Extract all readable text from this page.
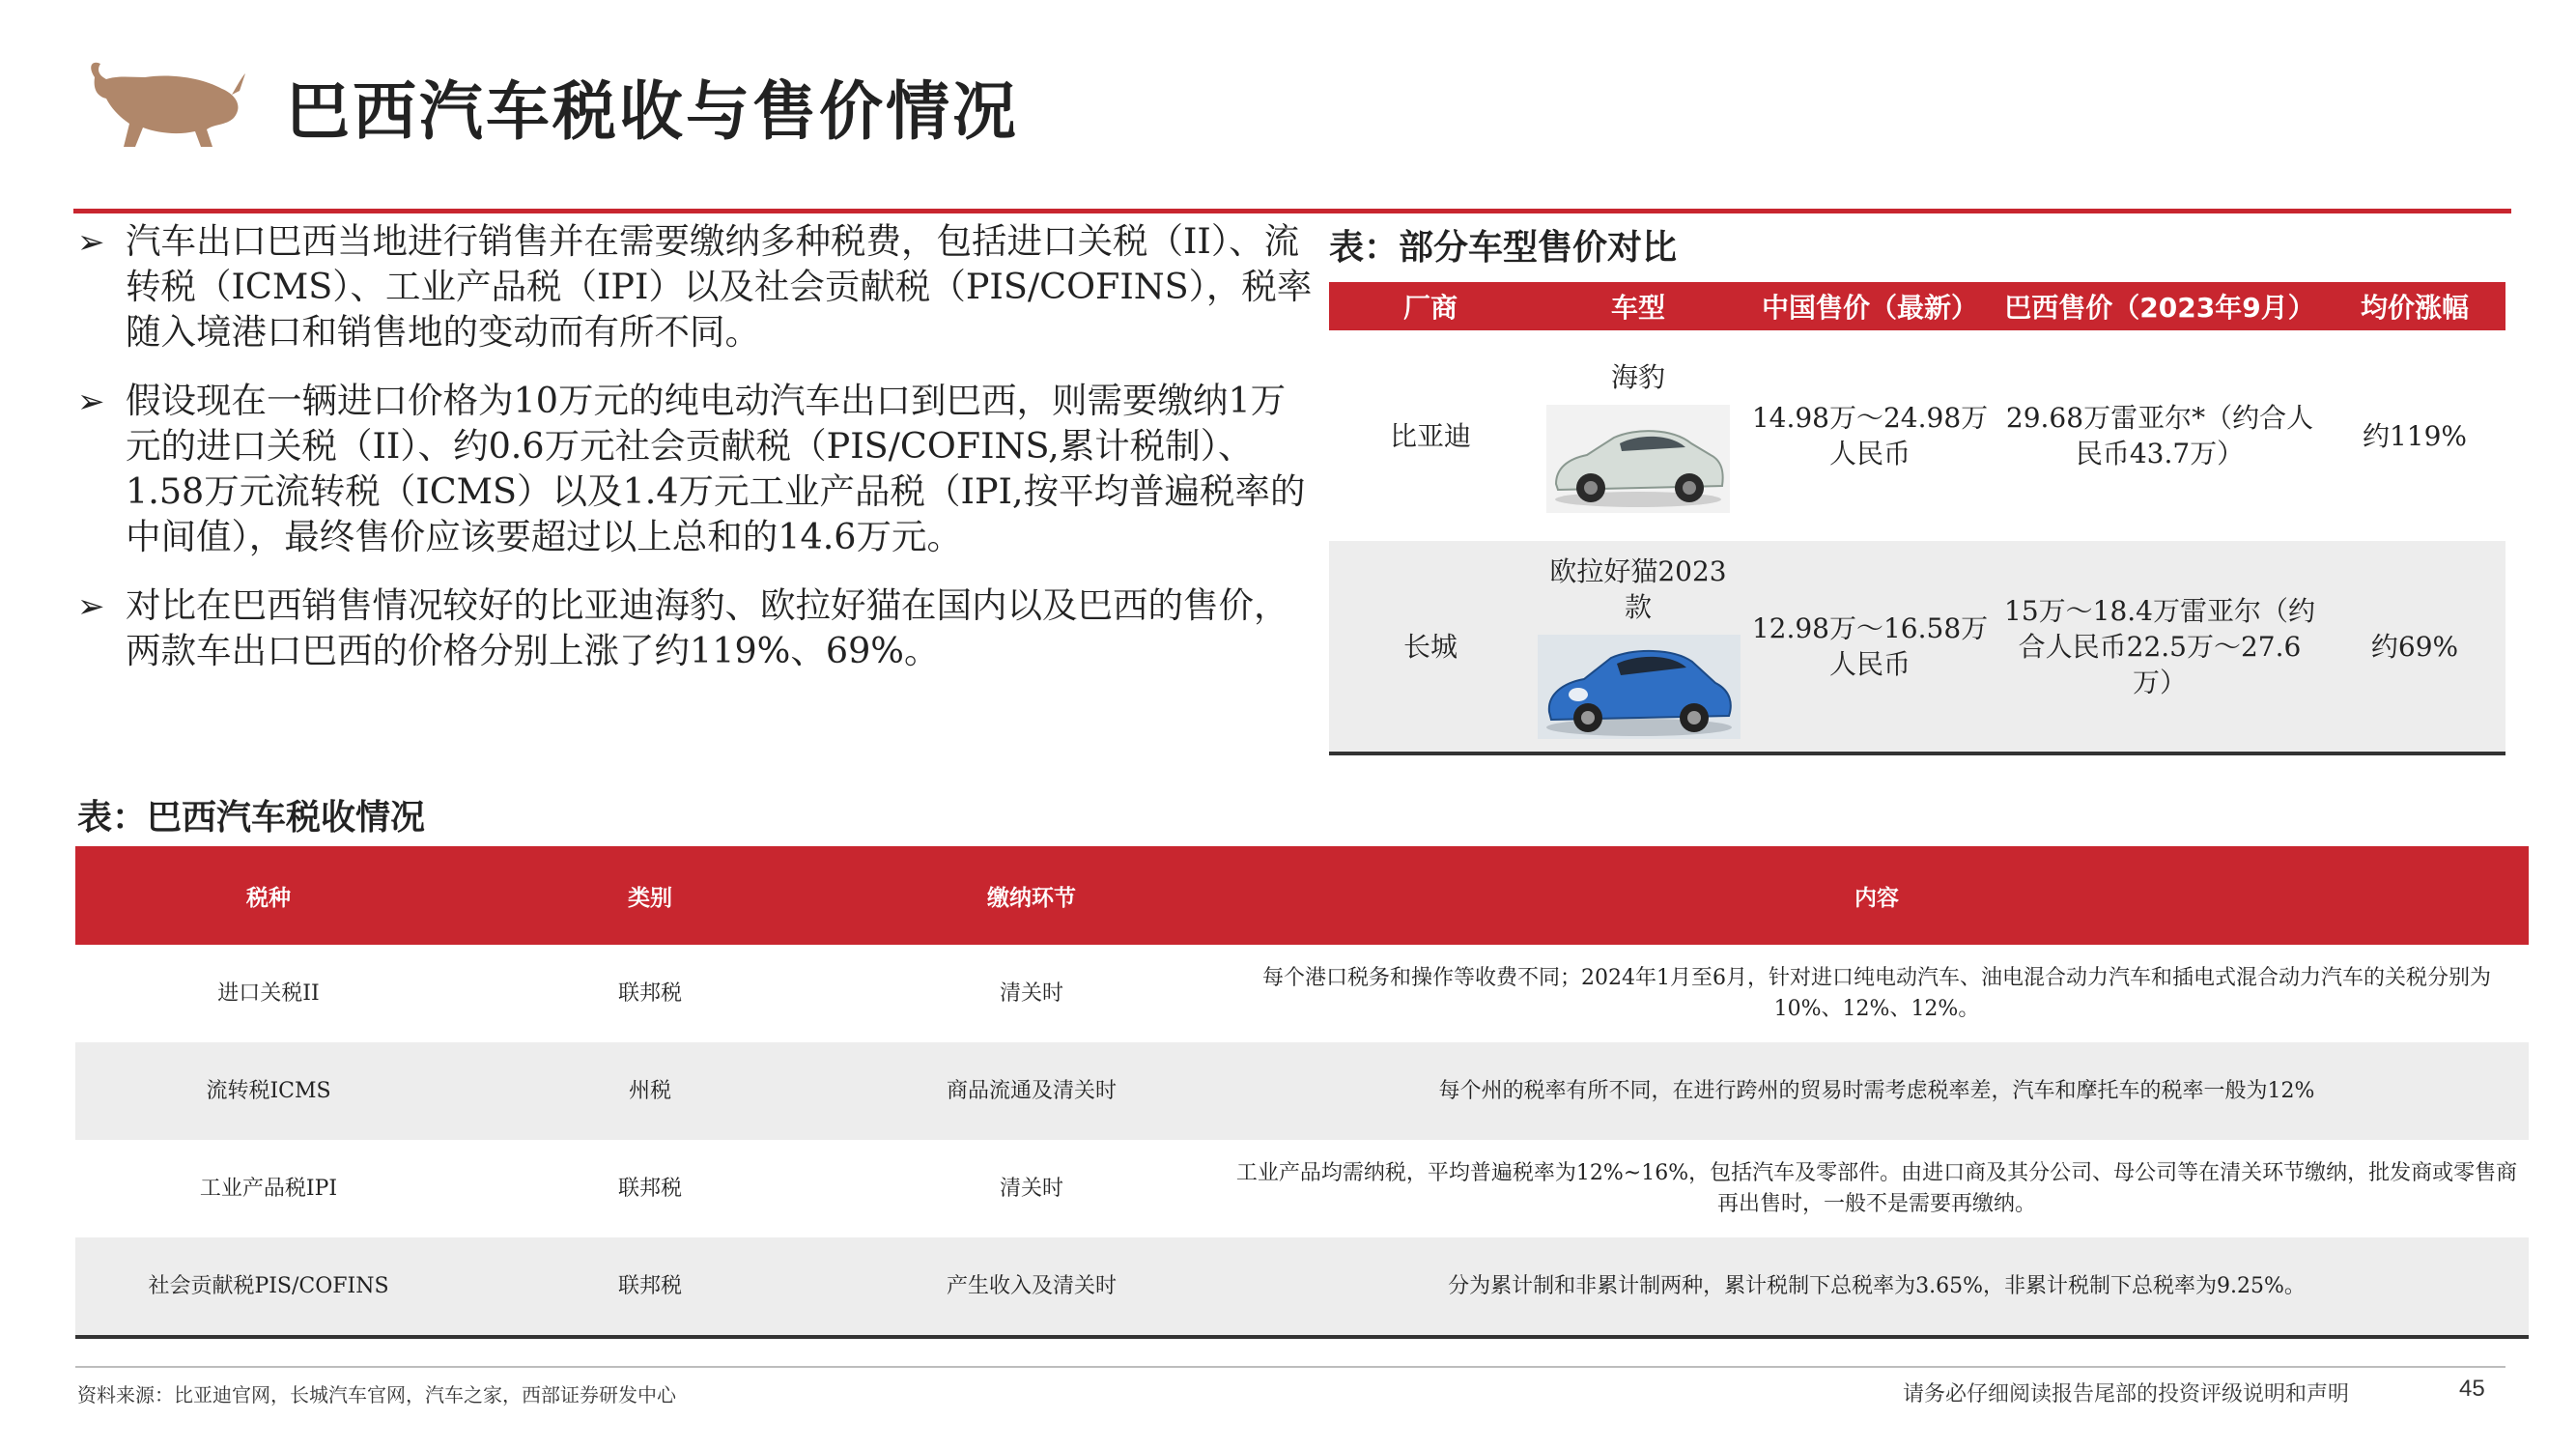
巴西汽车税收与售价情况
➢ 汽车出口巴西当地进行销售并在需要缴纳多种税费，包括进口关税（II）、流转税（ICMS）、工业产品税（IPI）以及社会贡献税（PIS/COFINS），税率随入境港口和销售地的变动而有所不同。
➢ 假设现在一辆进口价格为10万元的纯电动汽车出口到巴西，则需要缴纳1万元的进口关税（II）、约0.6万元社会贡献税（PIS/COFINS,累计税制）、1.58万元流转税（ICMS）以及1.4万元工业产品税（IPI,按平均普遍税率的中间值），最终售价应该要超过以上总和的14.6万元。
➢ 对比在巴西销售情况较好的比亚迪海豹、欧拉好猫在国内以及巴西的售价，两款车出口巴西的价格分别上涨了约119%、69%。
表：部分车型售价对比
厂商	车型	中国售价（最新）	巴西售价（2023年9月）	均价涨幅
比亚迪	海豹	14.98万～24.98万人民币	29.68万雷亚尔*（约合人民币43.7万）	约119%
长城	欧拉好猫2023款	12.98万～16.58万人民币	15万～18.4万雷亚尔（约合人民币22.5万～27.6万）	约69%
表：巴西汽车税收情况
税种	类别	缴纳环节	内容
进口关税II	联邦税	清关时	每个港口税务和操作等收费不同；2024年1月至6月，针对进口纯电动汽车、油电混合动力汽车和插电式混合动力汽车的关税分别为10%、12%、12%。
流转税ICMS	州税	商品流通及清关时	每个州的税率有所不同，在进行跨州的贸易时需考虑税率差，汽车和摩托车的税率一般为12%
工业产品税IPI	联邦税	清关时	工业产品均需纳税，平均普遍税率为12%~16%，包括汽车及零部件。由进口商及其分公司、母公司等在清关环节缴纳，批发商或零售商再出售时，一般不是需要再缴纳。
社会贡献税PIS/COFINS	联邦税	产生收入及清关时	分为累计制和非累计制两种，累计税制下总税率为3.65%，非累计税制下总税率为9.25%。
资料来源：比亚迪官网，长城汽车官网，汽车之家，西部证券研发中心	请务必仔细阅读报告尾部的投资评级说明和声明	45
